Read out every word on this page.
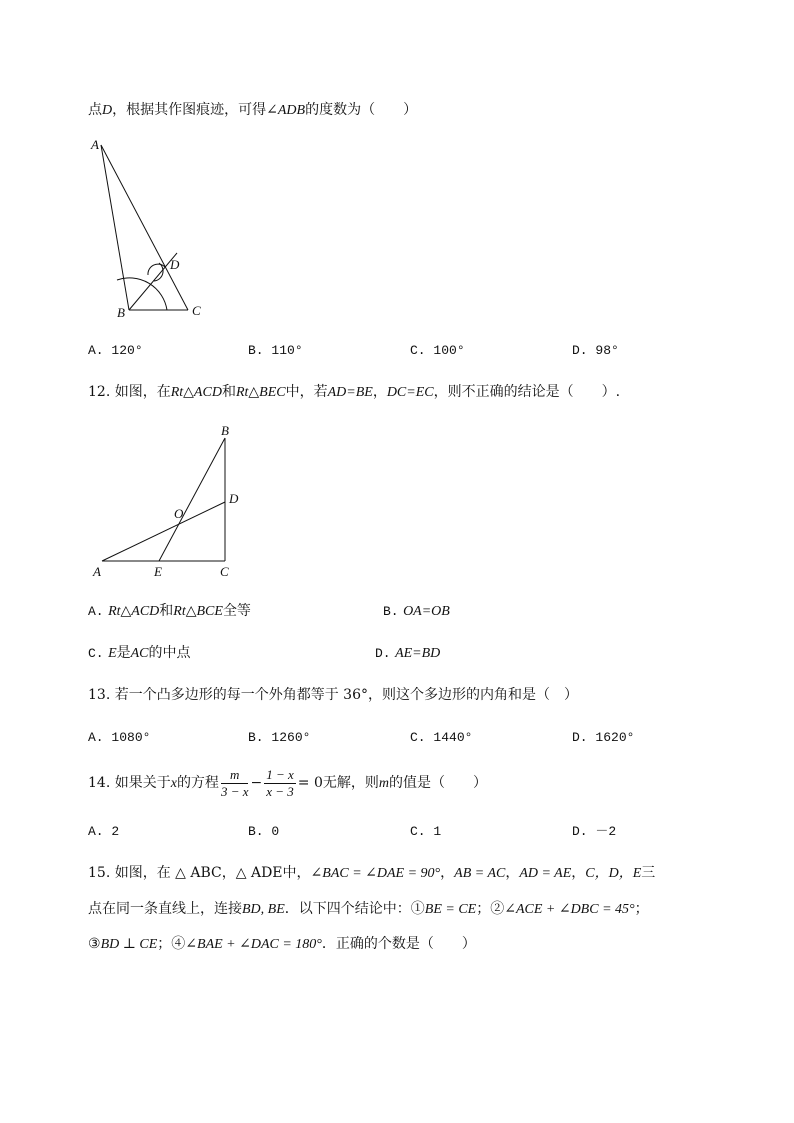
点D，根据其作图痕迹，可得∠ADB的度数为（　　）
A
B	C
D
A. 120°	B. 110°	C. 100°	D. 98°
12. 如图，在Rt△ACD和Rt△BEC中，若AD=BE，DC=EC，则不正确的结论是（　　）.
A
B
C
D
E
O
A. Rt△ACD和Rt△BCE全等	B. OA=OB
C. E是AC的中点	D. AE=BD
13. 若一个凸多边形的每一个外角都等于 36°，则这个多边形的内角和是（　）
A. 1080°	B. 1260°	C. 1440°	D. 1620°
14. 如果关于x的方程 $\frac{m}{3 - x} - \frac{1 - x}{x - 3} = 0$无解，则m的值是（　　）
A. 2	B. 0	C. 1	D. －2
15. 如图，在 △ ABC，△ ADE中，∠BAC = ∠DAE = 90°，AB = AC，AD = AE，C，D，E三
点在同一条直线上，连接BD, BE．以下四个结论中：①BE = CE；②∠ACE + ∠DBC = 45°；
③BD ⊥ CE；④∠BAE + ∠DAC = 180°．正确的个数是（　　）
